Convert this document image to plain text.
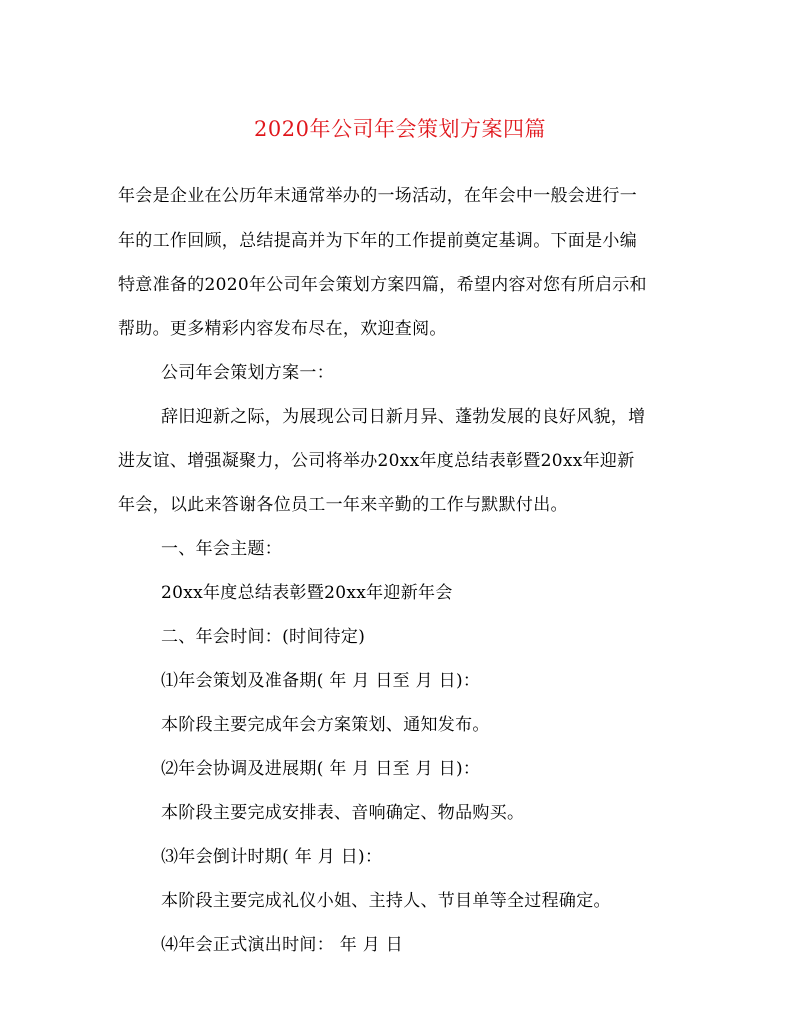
2020年公司年会策划方案四篇
年会是企业在公历年末通常举办的一场活动，在年会中一般会进行一
年的工作回顾，总结提高并为下年的工作提前奠定基调。下面是小编
特意准备的2020年公司年会策划方案四篇，希望内容对您有所启示和
帮助。更多精彩内容发布尽在，欢迎查阅。
公司年会策划方案一：
辞旧迎新之际，为展现公司日新月异、蓬勃发展的良好风貌，增
进友谊、增强凝聚力，公司将举办20xx年度总结表彰暨20xx年迎新
年会，以此来答谢各位员工一年来辛勤的工作与默默付出。
一、年会主题：
20xx年度总结表彰暨20xx年迎新年会
二、年会时间：(时间待定)
⑴年会策划及准备期( 年 月 日至 月 日)：
本阶段主要完成年会方案策划、通知发布。
⑵年会协调及进展期( 年 月 日至 月 日)：
本阶段主要完成安排表、音响确定、物品购买。
⑶年会倒计时期( 年 月 日)：
本阶段主要完成礼仪小姐、主持人、节目单等全过程确定。
⑷年会正式演出时间： 年 月 日
